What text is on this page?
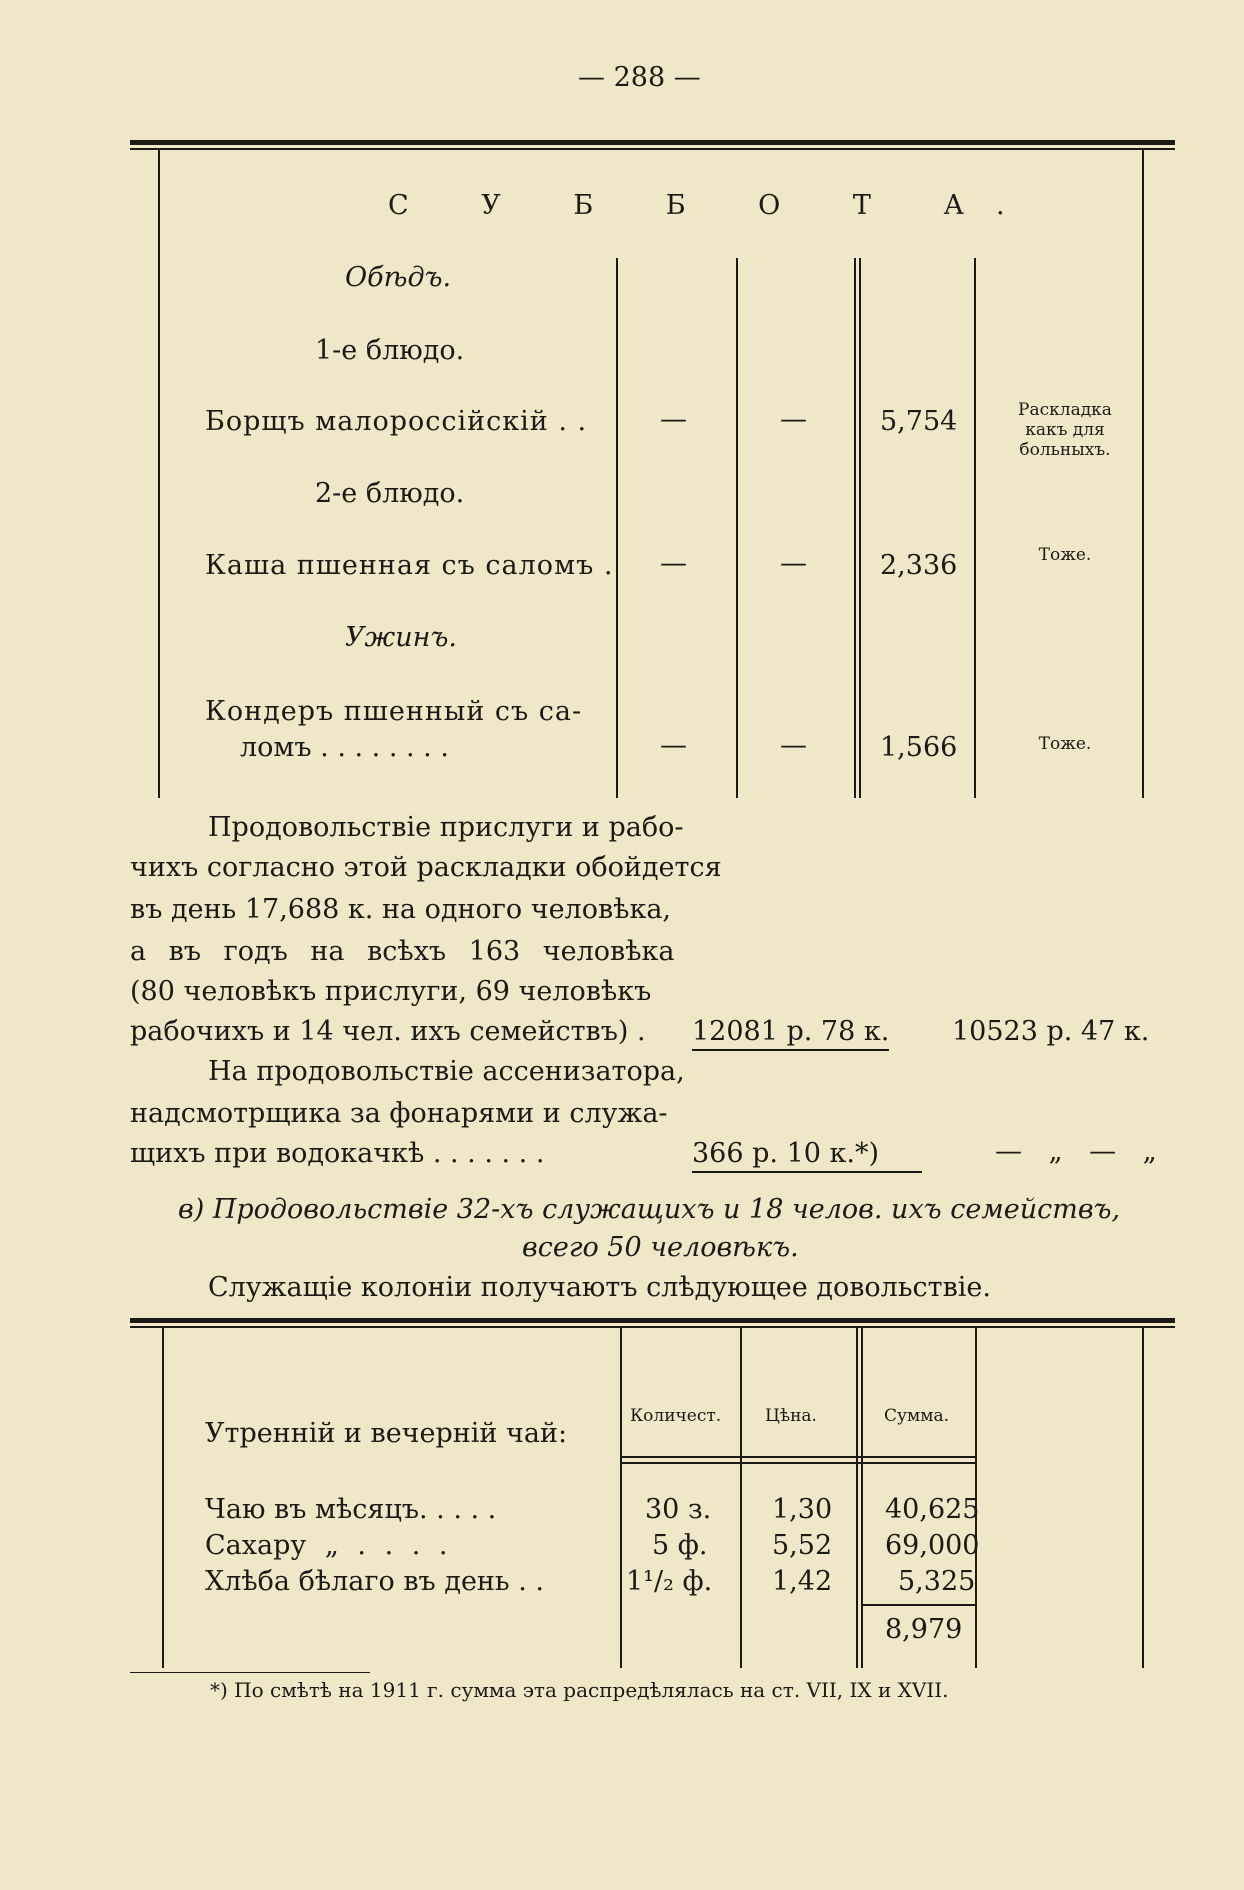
— 288 —
С У Б Б О Т А.
Обѣдъ.
1-е блюдо.
Борщъ малороссійскій . .	—	—	5,754	Раскладка какъ для больныхъ.
2-е блюдо.
Каша пшенная съ саломъ . —	—	2,336	Тоже.
Ужинъ.
Кондеръ пшенный съ са-
ломъ . . . . . . . .	—	—	1,566	Тоже.
Продовольствіе прислуги и рабо-
чихъ согласно этой раскладки обойдется
въ день 17,688 к. на одного человѣка,
а въ годъ на всѣхъ 163 человѣка
(80 человѣкъ прислуги, 69 человѣкъ
рабочихъ и 14 чел. ихъ семействъ) . 12081 р. 78 к. 10523 р. 47 к.
На продовольствіе ассенизатора,
надсмотрщика за фонарями и служа-
щихъ при водокачкѣ . . . . . . .	366 р. 10 к.*)	— „ — „
в) Продовольствіе 32-хъ служащихъ и 18 челов. ихъ семействъ,
всего 50 человѣкъ.
Служащіе колоніи получаютъ слѣдующее довольствіе.
Утренній и вечерній чай:
Количест.	Цѣна.	Сумма.
Чаю въ мѣсяцъ. . . . .	30 з. 1,30 40,625
Сахару „ . . . .	5 ф. 5,52 69,000
Хлѣба бѣлаго въ день . .	1¹/₂ ф. 1,42 5,325
8,979
*) По смѣтѣ на 1911 г. сумма эта распредѣлялась на ст. VII, IX и XVII.
